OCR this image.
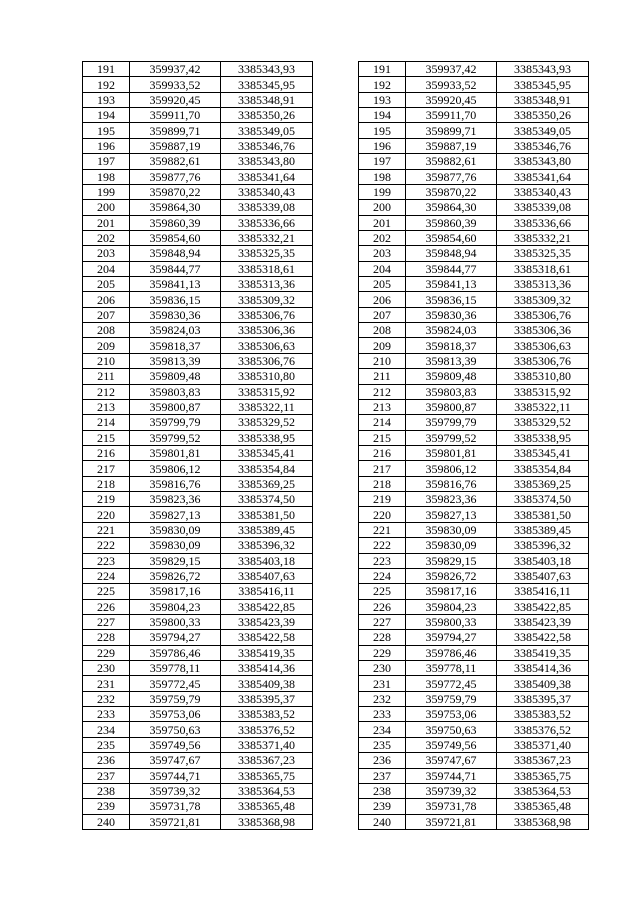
191	359937,42	3385343,93		191	359937,42	3385343,93
192	359933,52	3385345,95		192	359933,52	3385345,95
193	359920,45	3385348,91		193	359920,45	3385348,91
194	359911,70	3385350,26		194	359911,70	3385350,26
195	359899,71	3385349,05		195	359899,71	3385349,05
196	359887,19	3385346,76		196	359887,19	3385346,76
197	359882,61	3385343,80		197	359882,61	3385343,80
198	359877,76	3385341,64		198	359877,76	3385341,64
199	359870,22	3385340,43		199	359870,22	3385340,43
200	359864,30	3385339,08		200	359864,30	3385339,08
201	359860,39	3385336,66		201	359860,39	3385336,66
202	359854,60	3385332,21		202	359854,60	3385332,21
203	359848,94	3385325,35		203	359848,94	3385325,35
204	359844,77	3385318,61		204	359844,77	3385318,61
205	359841,13	3385313,36		205	359841,13	3385313,36
206	359836,15	3385309,32		206	359836,15	3385309,32
207	359830,36	3385306,76		207	359830,36	3385306,76
208	359824,03	3385306,36		208	359824,03	3385306,36
209	359818,37	3385306,63		209	359818,37	3385306,63
210	359813,39	3385306,76		210	359813,39	3385306,76
211	359809,48	3385310,80		211	359809,48	3385310,80
212	359803,83	3385315,92		212	359803,83	3385315,92
213	359800,87	3385322,11		213	359800,87	3385322,11
214	359799,79	3385329,52		214	359799,79	3385329,52
215	359799,52	3385338,95		215	359799,52	3385338,95
216	359801,81	3385345,41		216	359801,81	3385345,41
217	359806,12	3385354,84		217	359806,12	3385354,84
218	359816,76	3385369,25		218	359816,76	3385369,25
219	359823,36	3385374,50		219	359823,36	3385374,50
220	359827,13	3385381,50		220	359827,13	3385381,50
221	359830,09	3385389,45		221	359830,09	3385389,45
222	359830,09	3385396,32		222	359830,09	3385396,32
223	359829,15	3385403,18		223	359829,15	3385403,18
224	359826,72	3385407,63		224	359826,72	3385407,63
225	359817,16	3385416,11		225	359817,16	3385416,11
226	359804,23	3385422,85		226	359804,23	3385422,85
227	359800,33	3385423,39		227	359800,33	3385423,39
228	359794,27	3385422,58		228	359794,27	3385422,58
229	359786,46	3385419,35		229	359786,46	3385419,35
230	359778,11	3385414,36		230	359778,11	3385414,36
231	359772,45	3385409,38		231	359772,45	3385409,38
232	359759,79	3385395,37		232	359759,79	3385395,37
233	359753,06	3385383,52		233	359753,06	3385383,52
234	359750,63	3385376,52		234	359750,63	3385376,52
235	359749,56	3385371,40		235	359749,56	3385371,40
236	359747,67	3385367,23		236	359747,67	3385367,23
237	359744,71	3385365,75		237	359744,71	3385365,75
238	359739,32	3385364,53		238	359739,32	3385364,53
239	359731,78	3385365,48		239	359731,78	3385365,48
240	359721,81	3385368,98		240	359721,81	3385368,98
